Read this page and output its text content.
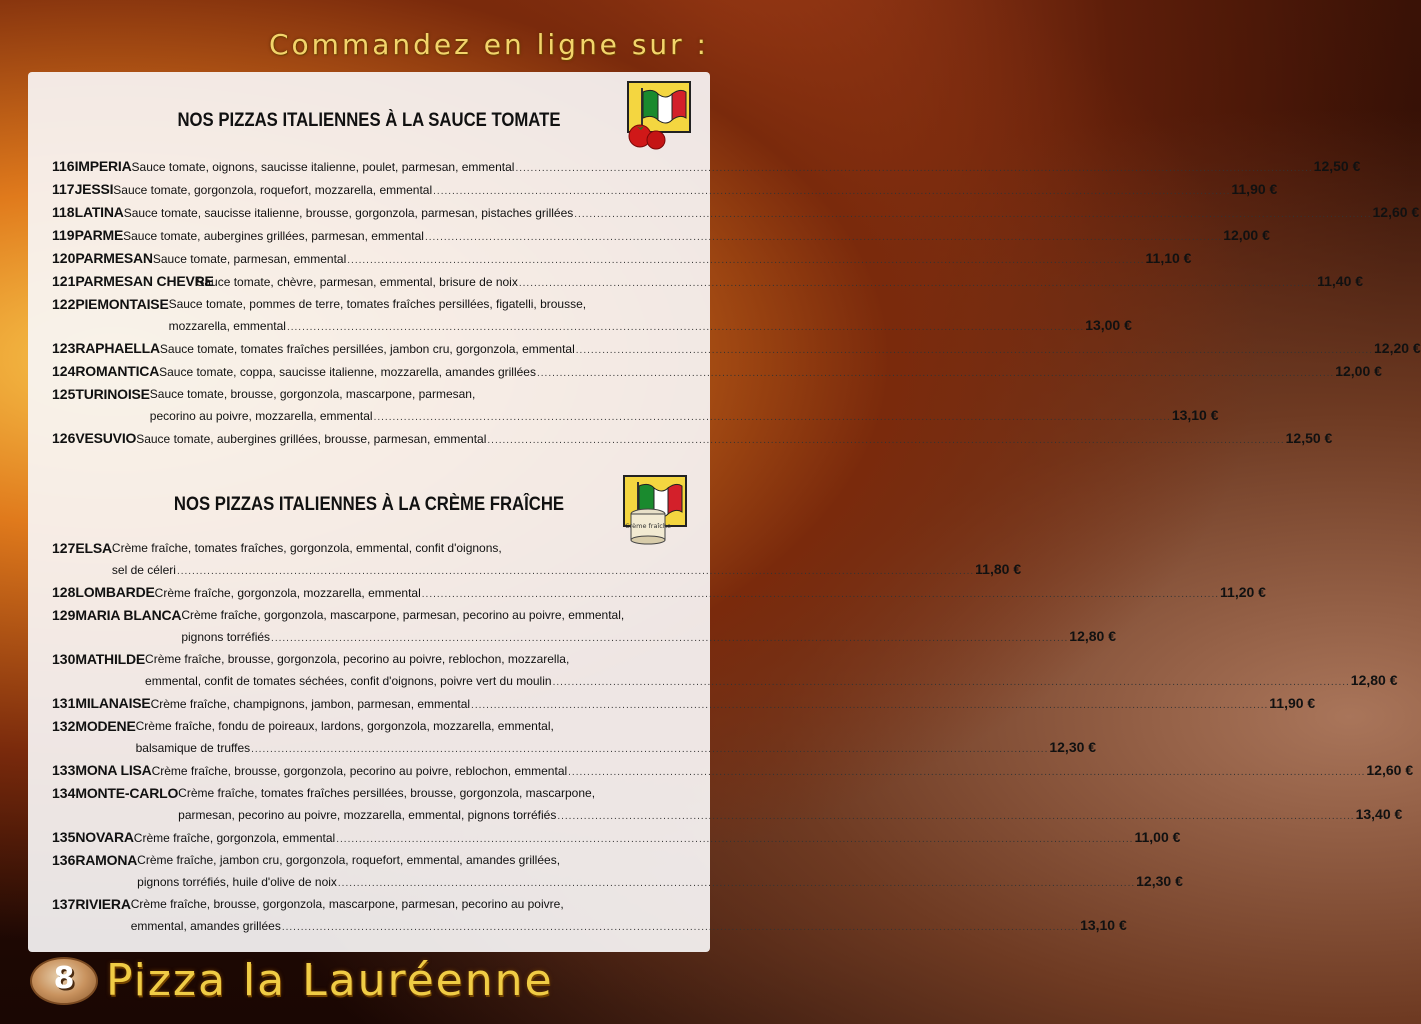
Commandez en ligne sur :
NOS PIZZAS ITALIENNES À LA SAUCE TOMATE
116 IMPERIA Sauce tomate, oignons, saucisse italienne, poulet, parmesan, emmental .....	12,50 €
117 JESSI Sauce tomate, gorgonzola, roquefort, mozzarella, emmental .....	11,90 €
118 LATINA Sauce tomate, saucisse italienne, brousse, gorgonzola, parmesan, pistaches grillées .....	12,60 €
119 PARME Sauce tomate, aubergines grillées, parmesan, emmental .....	12,00 €
120 PARMESAN Sauce tomate, parmesan, emmental .....	11,10 €
121 PARMESAN CHEVRE
Sauce tomate, chèvre, parmesan, emmental, brisure de noix .....	11,40 €
122 PIEMONTAISE Sauce tomate, pommes de terre, tomates fraîches persillées, figatelli, brousse,
mozzarella, emmental .....	13,00 €
123 RAPHAELLA Sauce tomate, tomates fraîches persillées, jambon cru, gorgonzola, emmental .....	12,20 €
124 ROMANTICA Sauce tomate, coppa, saucisse italienne, mozzarella, amandes grillées .....	12,00 €
125 TURINOISE Sauce tomate, brousse, gorgonzola, mascarpone, parmesan,
pecorino au poivre, mozzarella, emmental .....	13,10 €
126 VESUVIO Sauce tomate, aubergines grillées, brousse, parmesan, emmental .....	12,50 €
NOS PIZZAS ITALIENNES À LA CRÈME FRAÎCHE
Crème fraîche
127 ELSA Crème fraîche, tomates fraîches, gorgonzola, emmental, confit d'oignons,
sel de céleri .....	11,80 €
128 LOMBARDE Crème fraîche, gorgonzola, mozzarella, emmental .....	11,20 €
129 MARIA BLANCA Crème fraîche, gorgonzola, mascarpone, parmesan, pecorino au poivre, emmental,
pignons torréfiés .....	12,80 €
130 MATHILDE Crème fraîche, brousse, gorgonzola, pecorino au poivre, reblochon, mozzarella,
emmental, confit de tomates séchées, confit d'oignons, poivre vert du moulin .....	12,80 €
131 MILANAISE Crème fraîche, champignons, jambon, parmesan, emmental .....	11,90 €
132 MODENE Crème fraîche, fondu de poireaux, lardons, gorgonzola, mozzarella, emmental,
balsamique de truffes .....	12,30 €
133 MONA LISA Crème fraîche, brousse, gorgonzola, pecorino au poivre, reblochon, emmental .....	12,60 €
134 MONTE-CARLO Crème fraîche, tomates fraîches persillées, brousse, gorgonzola, mascarpone,
parmesan, pecorino au poivre, mozzarella, emmental, pignons torréfiés .....	13,40 €
135 NOVARA Crème fraîche, gorgonzola, emmental .....	11,00 €
136 RAMONA Crème fraîche, jambon cru, gorgonzola, roquefort, emmental, amandes grillées,
pignons torréfiés, huile d'olive de noix .....	12,30 €
137 RIVIERA Crème fraîche, brousse, gorgonzola, mascarpone, parmesan, pecorino au poivre,
emmental, amandes grillées .....	13,10 €
8 Pizza la Lauréenne
